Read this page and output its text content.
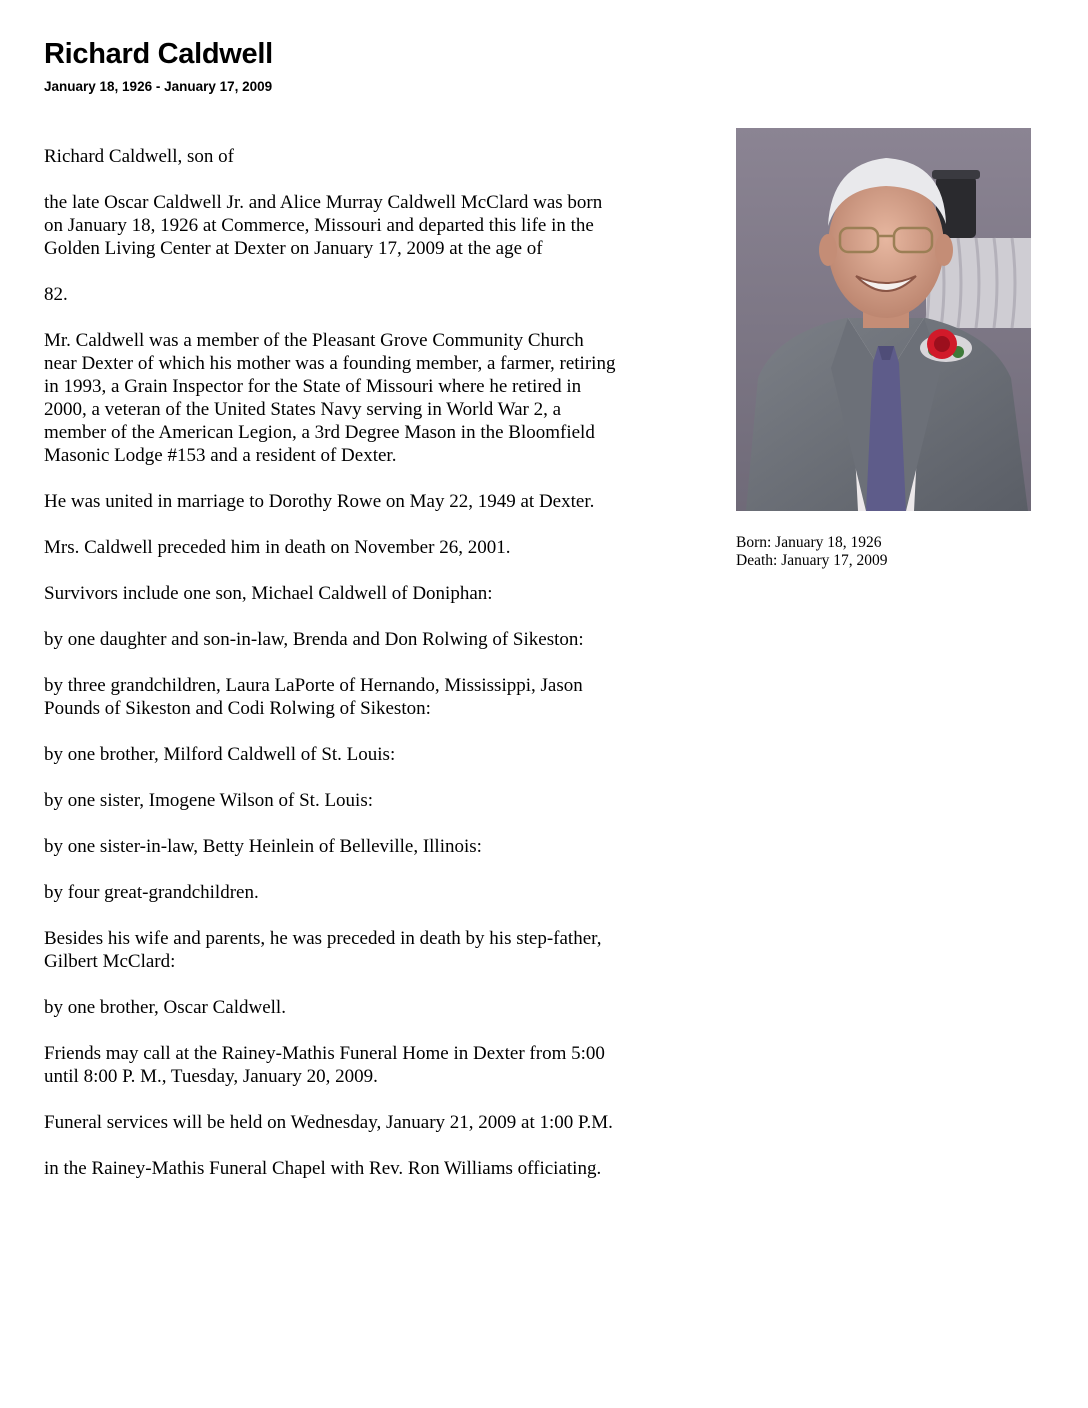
Richard Caldwell
January 18, 1926 - January 17, 2009

Richard Caldwell, son of

the late Oscar Caldwell Jr. and Alice Murray Caldwell McClard was born
on January 18, 1926 at Commerce, Missouri and departed this life in the
Golden Living Center at Dexter on January 17, 2009 at the age of

82.

Mr. Caldwell was a member of the Pleasant Grove Community Church
near Dexter of which his mother was a founding member, a farmer, retiring
in 1993, a Grain Inspector for the State of Missouri where he retired in
2000, a veteran of the United States Navy serving in World War 2, a
member of the American Legion, a 3rd Degree Mason in the Bloomfield
Masonic Lodge #153 and a resident of Dexter.

He was united in marriage to Dorothy Rowe on May 22, 1949 at Dexter.

Mrs. Caldwell preceded him in death on November 26, 2001.

Survivors include one son, Michael Caldwell of Doniphan:

by one daughter and son-in-law, Brenda and Don Rolwing of Sikeston:

by three grandchildren, Laura LaPorte of Hernando, Mississippi, Jason
Pounds of Sikeston and Codi Rolwing of Sikeston:

by one brother, Milford Caldwell of St. Louis:

by one sister, Imogene Wilson of St. Louis:

by one sister-in-law, Betty Heinlein of Belleville, Illinois:

by four great-grandchildren.

Besides his wife and parents, he was preceded in death by his step-father,
Gilbert McClard:

by one brother, Oscar Caldwell.

Friends may call at the Rainey-Mathis Funeral Home in Dexter from 5:00
until 8:00 P. M., Tuesday, January 20, 2009.

Funeral services will be held on Wednesday, January 21, 2009 at 1:00 P.M.

in the Rainey-Mathis Funeral Chapel with Rev. Ron Williams officiating.

Born: January 18, 1926
Death: January 17, 2009
